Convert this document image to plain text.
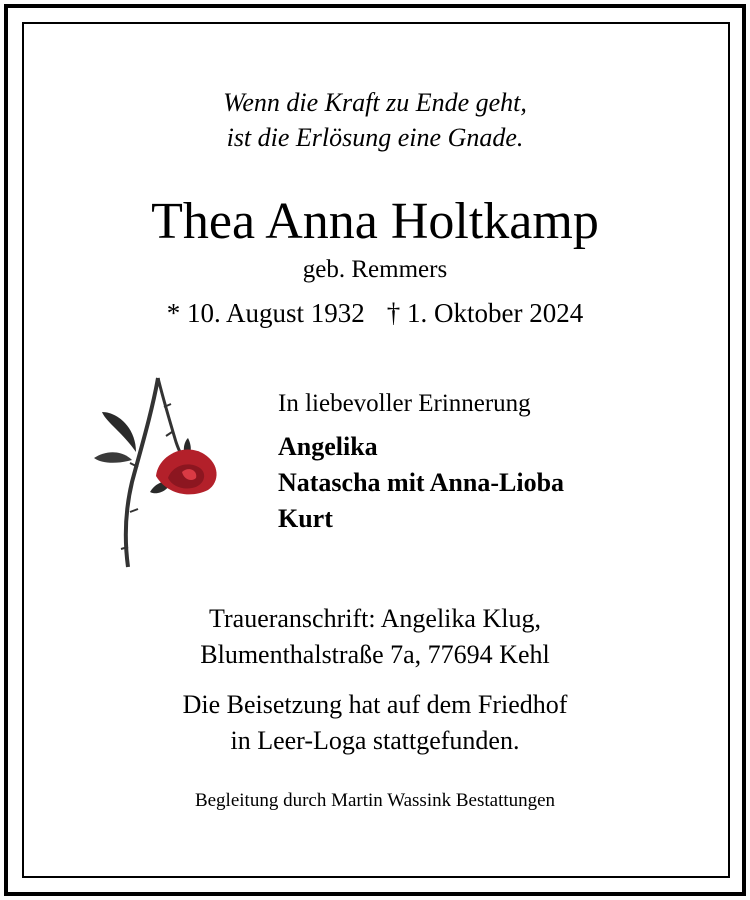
Wenn die Kraft zu Ende geht,
ist die Erlösung eine Gnade.
Thea Anna Holtkamp
geb. Remmers
* 10. August 1932 † 1. Oktober 2024
In liebevoller Erinnerung
Angelika
Natascha mit Anna-Lioba
Kurt
Traueranschrift: Angelika Klug,
Blumenthalstraße 7a, 77694 Kehl
Die Beisetzung hat auf dem Friedhof
in Leer-Loga stattgefunden.
Begleitung durch Martin Wassink Bestattungen
